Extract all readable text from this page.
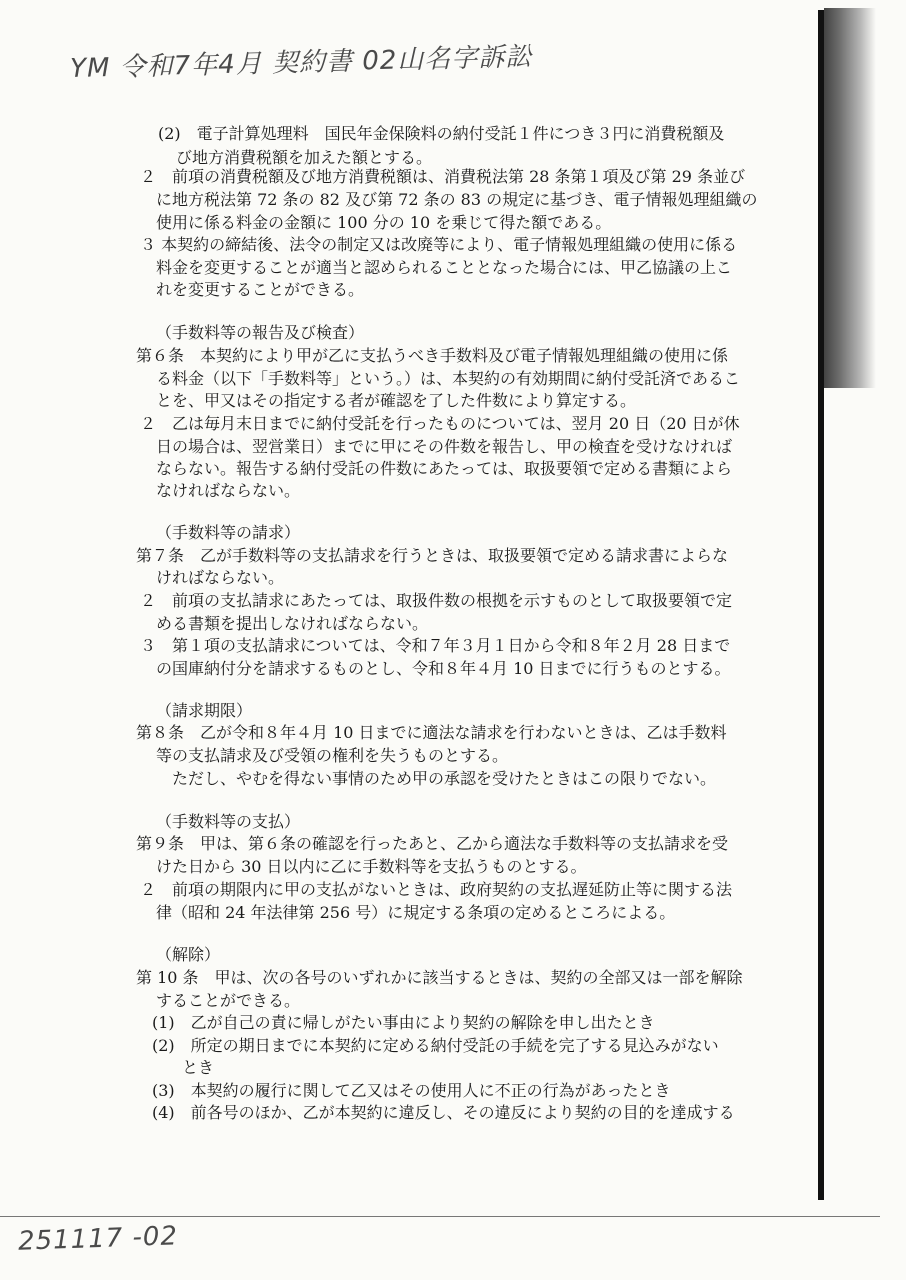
YM 令和7年4月 契約書 02山名字訴訟
(2)　電子計算処理料　国民年金保険料の納付受託１件につき３円に消費税額及
び地方消費税額を加えた額とする。
２　前項の消費税額及び地方消費税額は、消費税法第 28 条第１項及び第 29 条並び
に地方税法第 72 条の 82 及び第 72 条の 83 の規定に基づき、電子情報処理組織の
使用に係る料金の金額に 100 分の 10 を乗じて得た額である。
３ 本契約の締結後、法令の制定又は改廃等により、電子情報処理組織の使用に係る
料金を変更することが適当と認められることとなった場合には、甲乙協議の上こ
れを変更することができる。
（手数料等の報告及び検査）
第６条　本契約により甲が乙に支払うべき手数料及び電子情報処理組織の使用に係
る料金（以下「手数料等」という。）は、本契約の有効期間に納付受託済であるこ
とを、甲又はその指定する者が確認を了した件数により算定する。
２　乙は毎月末日までに納付受託を行ったものについては、翌月 20 日（20 日が休
日の場合は、翌営業日）までに甲にその件数を報告し、甲の検査を受けなければ
ならない。報告する納付受託の件数にあたっては、取扱要領で定める書類によら
なければならない。
（手数料等の請求）
第７条　乙が手数料等の支払請求を行うときは、取扱要領で定める請求書によらな
ければならない。
２　前項の支払請求にあたっては、取扱件数の根拠を示すものとして取扱要領で定
める書類を提出しなければならない。
３　第１項の支払請求については、令和７年３月１日から令和８年２月 28 日まで
の国庫納付分を請求するものとし、令和８年４月 10 日までに行うものとする。
（請求期限）
第８条　乙が令和８年４月 10 日までに適法な請求を行わないときは、乙は手数料
等の支払請求及び受領の権利を失うものとする。
ただし、やむを得ない事情のため甲の承認を受けたときはこの限りでない。
（手数料等の支払）
第９条　甲は、第６条の確認を行ったあと、乙から適法な手数料等の支払請求を受
けた日から 30 日以内に乙に手数料等を支払うものとする。
２　前項の期限内に甲の支払がないときは、政府契約の支払遅延防止等に関する法
律（昭和 24 年法律第 256 号）に規定する条項の定めるところによる。
（解除）
第 10 条　甲は、次の各号のいずれかに該当するときは、契約の全部又は一部を解除
することができる。
(1)　乙が自己の責に帰しがたい事由により契約の解除を申し出たとき
(2)　所定の期日までに本契約に定める納付受託の手続を完了する見込みがない
とき
(3)　本契約の履行に関して乙又はその使用人に不正の行為があったとき
(4)　前各号のほか、乙が本契約に違反し、その違反により契約の目的を達成する
251117 -02
